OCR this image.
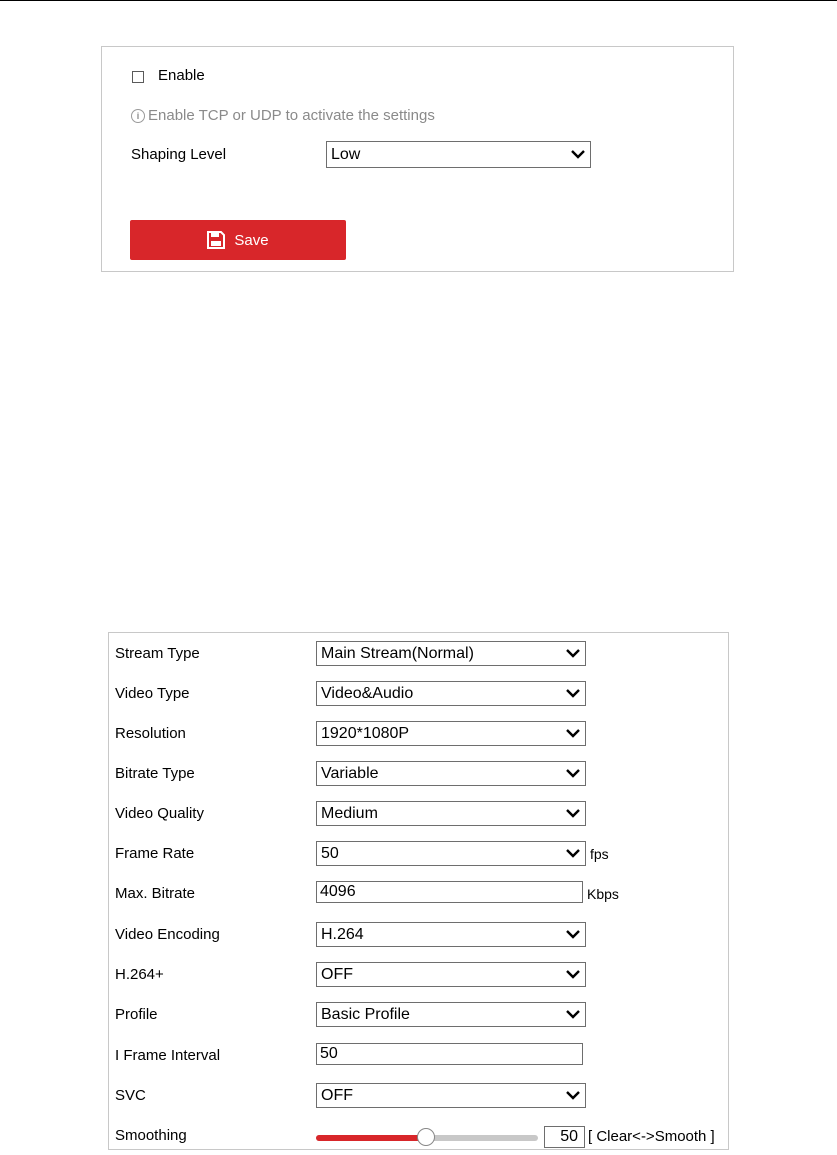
Enable
i Enable TCP or UDP to activate the settings
Shaping Level	Low
Save
Stream Type	Main Stream(Normal)
Video Type	Video&Audio
Resolution	1920*1080P
Bitrate Type	Variable
Video Quality	Medium
Frame Rate	50	fps
Max. Bitrate	4096	Kbps
Video Encoding	H.264
H.264+	OFF
Profile	Basic Profile
I Frame Interval	50
SVC	OFF
Smoothing	50 [ Clear<->Smooth ]
